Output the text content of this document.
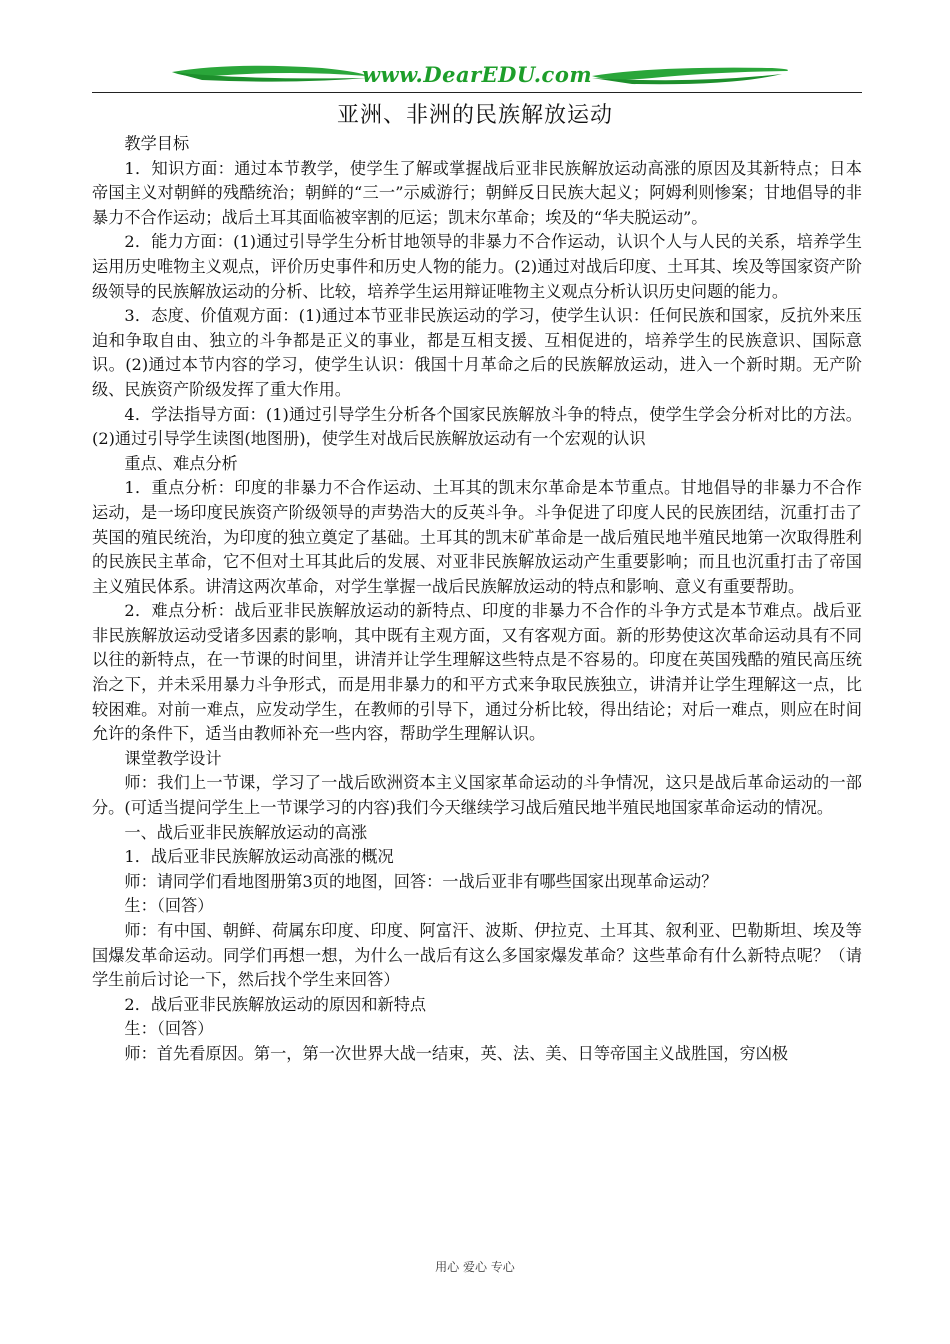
www.DearEDU.com
亚洲、非洲的民族解放运动

教学目标

1．知识方面：通过本节教学，使学生了解或掌握战后亚非民族解放运动高涨的原因及其新特点；日本帝国主义对朝鲜的残酷统治；朝鲜的“三一”示威游行；朝鲜反日民族大起义；阿姆利则惨案；甘地倡导的非暴力不合作运动；战后土耳其面临被宰割的厄运；凯末尔革命；埃及的“华夫脱运动”。

2．能力方面：(1)通过引导学生分析甘地领导的非暴力不合作运动，认识个人与人民的关系，培养学生运用历史唯物主义观点，评价历史事件和历史人物的能力。(2)通过对战后印度、土耳其、埃及等国家资产阶级领导的民族解放运动的分析、比较，培养学生运用辩证唯物主义观点分析认识历史问题的能力。

3．态度、价值观方面：(1)通过本节亚非民族运动的学习，使学生认识：任何民族和国家，反抗外来压迫和争取自由、独立的斗争都是正义的事业，都是互相支援、互相促进的，培养学生的民族意识、国际意识。(2)通过本节内容的学习，使学生认识：俄国十月革命之后的民族解放运动，进入一个新时期。无产阶级、民族资产阶级发挥了重大作用。

4．学法指导方面：(1)通过引导学生分析各个国家民族解放斗争的特点，使学生学会分析对比的方法。(2)通过引导学生读图(地图册)，使学生对战后民族解放运动有一个宏观的认识

重点、难点分析

1．重点分析：印度的非暴力不合作运动、土耳其的凯末尔革命是本节重点。甘地倡导的非暴力不合作运动，是一场印度民族资产阶级领导的声势浩大的反英斗争。斗争促进了印度人民的民族团结，沉重打击了英国的殖民统治，为印度的独立奠定了基础。土耳其的凯末矿革命是一战后殖民地半殖民地第一次取得胜利的民族民主革命，它不但对土耳其此后的发展、对亚非民族解放运动产生重要影响；而且也沉重打击了帝国主义殖民体系。讲清这两次革命，对学生掌握一战后民族解放运动的特点和影响、意义有重要帮助。

2．难点分析：战后亚非民族解放运动的新特点、印度的非暴力不合作的斗争方式是本节难点。战后亚非民族解放运动受诸多因素的影响，其中既有主观方面，又有客观方面。新的形势使这次革命运动具有不同以往的新特点，在一节课的时间里，讲清并让学生理解这些特点是不容易的。印度在英国残酷的殖民高压统治之下，并未采用暴力斗争形式，而是用非暴力的和平方式来争取民族独立，讲清并让学生理解这一点，比较困难。对前一难点，应发动学生，在教师的引导下，通过分析比较，得出结论；对后一难点，则应在时间允许的条件下，适当由教师补充一些内容，帮助学生理解认识。

课堂教学设计

师：我们上一节课，学习了一战后欧洲资本主义国家革命运动的斗争情况，这只是战后革命运动的一部分。(可适当提问学生上一节课学习的内容)我们今天继续学习战后殖民地半殖民地国家革命运动的情况。

一、战后亚非民族解放运动的高涨

1．战后亚非民族解放运动高涨的概况

师：请同学们看地图册第3页的地图，回答：一战后亚非有哪些国家出现革命运动？

生：（回答）

师：有中国、朝鲜、荷属东印度、印度、阿富汗、波斯、伊拉克、土耳其、叙利亚、巴勒斯坦、埃及等国爆发革命运动。同学们再想一想，为什么一战后有这么多国家爆发革命？这些革命有什么新特点呢？（请学生前后讨论一下，然后找个学生来回答）

2．战后亚非民族解放运动的原因和新特点

生：（回答）

师：首先看原因。第一，第一次世界大战一结束，英、法、美、日等帝国主义战胜国，穷凶极

用心 爱心 专心
